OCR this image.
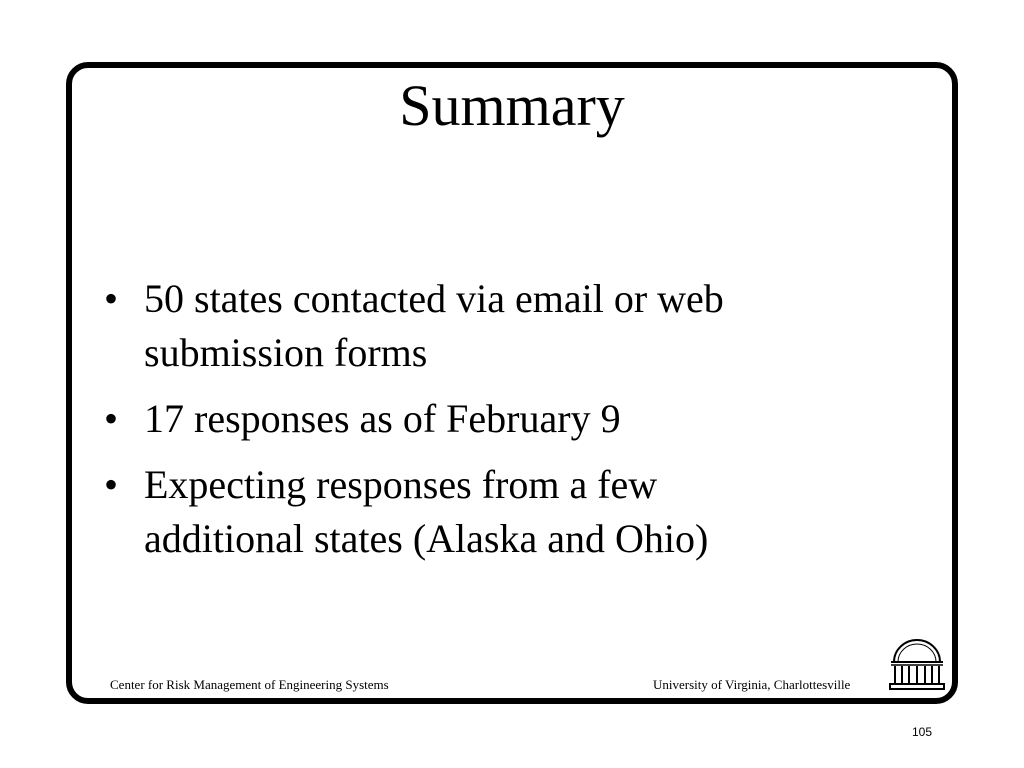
Summary
• 50 states contacted via email or web submission forms
• 17 responses as of February 9
• Expecting responses from a few additional states (Alaska and Ohio)
Center for Risk Management of Engineering Systems	University of Virginia, Charlottesville
105
